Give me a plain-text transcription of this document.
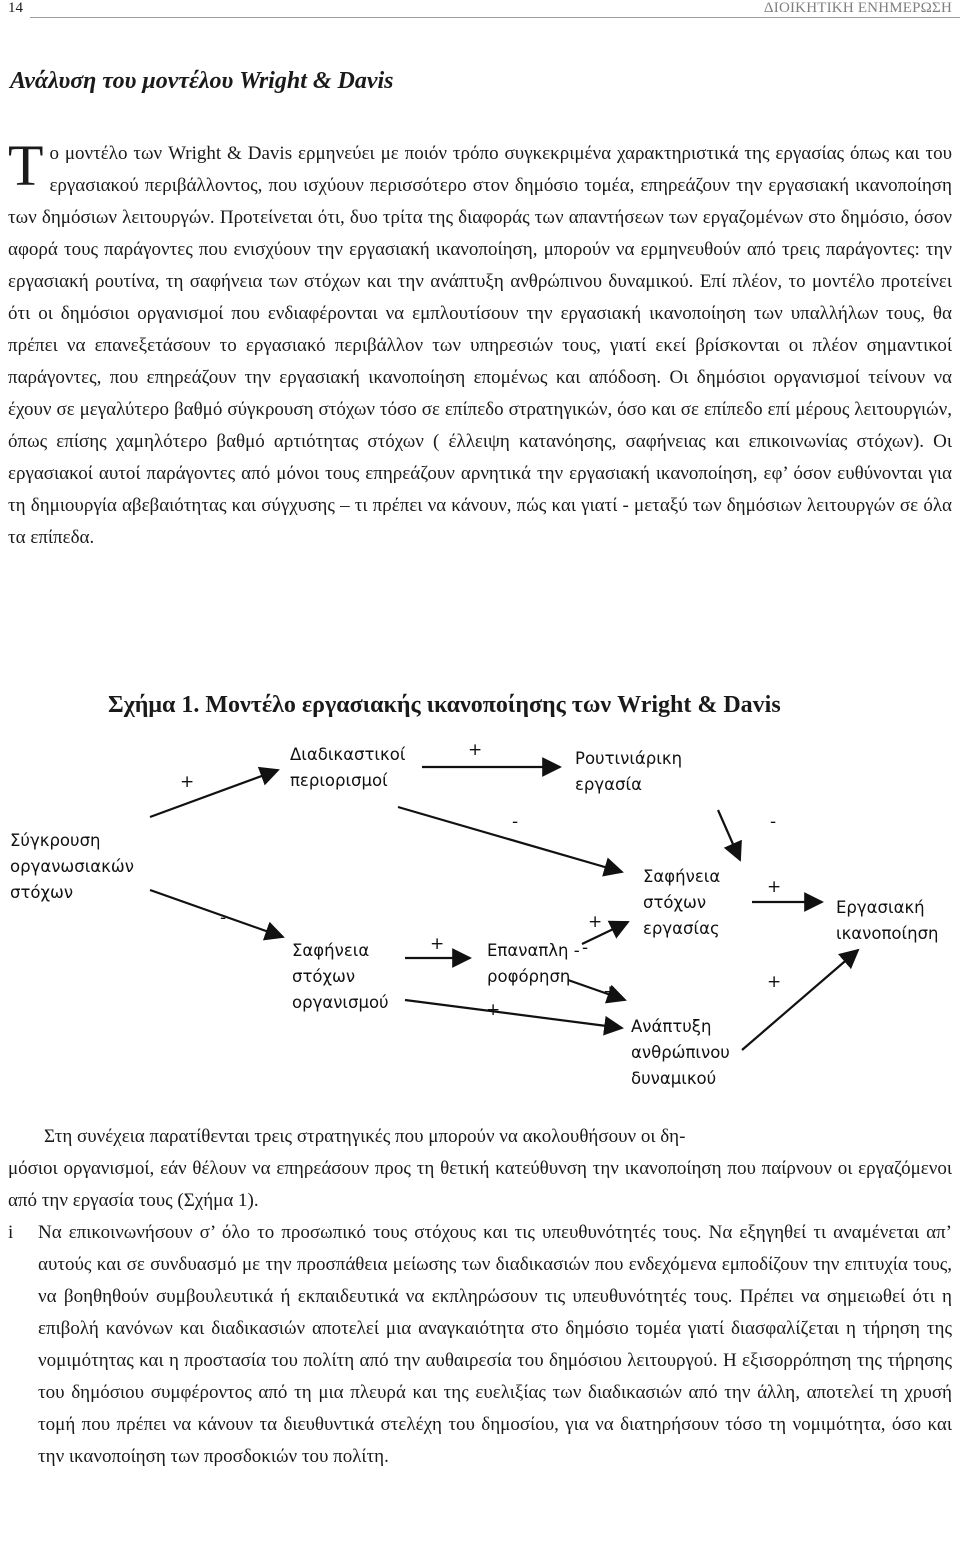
14	ΔΙΟΙΚΗΤΙΚΗ ΕΝΗΜΕΡΩΣΗ
Ανάλυση του μοντέλου Wright & Davis

Το μοντέλο των Wright & Davis ερμηνεύει με ποιόν τρόπο συγκεκριμένα χαρακτηριστικά της εργασίας όπως και του εργασιακού περιβάλλοντος, που ισχύουν περισσότερο στον δημόσιο τομέα, επηρεάζουν την εργασιακή ικανοποίηση των δημόσιων λειτουργών. Προτείνεται ότι, δυο τρίτα της διαφοράς των απαντήσεων των εργαζομένων στο δημόσιο, όσον αφορά τους παράγοντες που ενισχύουν την εργασιακή ικανοποίηση, μπορούν να ερμηνευθούν από τρεις παράγοντες: την εργασιακή ρουτίνα, τη σαφήνεια των στόχων και την ανάπτυξη ανθρώπινου δυναμικού. Επί πλέον, το μοντέλο προτείνει ότι οι δημόσιοι οργανισμοί που ενδιαφέρονται να εμπλουτίσουν την εργασιακή ικανοποίηση των υπαλλήλων τους, θα πρέπει να επανεξετάσουν το εργασιακό περιβάλλον των υπηρεσιών τους, γιατί εκεί βρίσκονται οι πλέον σημαντικοί παράγοντες, που επηρεάζουν την εργασιακή ικανοποίηση επομένως και απόδοση. Οι δημόσιοι οργανισμοί τείνουν να έχουν σε μεγαλύτερο βαθμό σύγκρουση στόχων τόσο σε επίπεδο στρατηγικών, όσο και σε επίπεδο επί μέρους λειτουργιών, όπως επίσης χαμηλότερο βαθμό αρτιότητας στόχων ( έλλειψη κατανόησης, σαφήνειας και επικοινωνίας στόχων). Οι εργασιακοί αυτοί παράγοντες από μόνοι τους επηρεάζουν αρνητικά την εργασιακή ικανοποίηση, εφ’ όσον ευθύνονται για τη δημιουργία αβεβαιότητας και σύγχυσης – τι πρέπει να κάνουν, πώς και γιατί - μεταξύ των δημόσιων λειτουργών σε όλα τα επίπεδα.

Σχήμα 1. Μοντέλο εργασιακής ικανοποίησης των Wright & Davis
Σύγκρουση
οργανωσιακών
στόχων
Διαδικαστικοί
περιορισμοί
Ρουτινιάρικη
εργασία
Σαφήνεια
στόχων
εργασίας
Εργασιακή
ικανοποίηση
Σαφήνεια
στόχων
οργανισμού
Επαναπλη -
ροφόρηση
Ανάπτυξη
ανθρώπινου
δυναμικού
+
+
-	-
-
+
+
-
+
+
+
+
Στη συνέχεια παρατίθενται τρεις στρατηγικές που μπορούν να ακολουθήσουν οι δη-
μόσιοι οργανισμοί, εάν θέλουν να επηρεάσουν προς τη θετική κατεύθυνση την ικανοποίηση που παίρνουν οι εργαζόμενοι από την εργασία τους (Σχήμα 1).
i Να επικοινωνήσουν σ’ όλο το προσωπικό τους στόχους και τις υπευθυνότητές τους. Να εξηγηθεί τι αναμένεται απ’ αυτούς και σε συνδυασμό με την προσπάθεια μείωσης των διαδικασιών που ενδεχόμενα εμποδίζουν την επιτυχία τους, να βοηθηθούν συμβουλευτικά ή εκπαιδευτικά να εκπληρώσουν τις υπευθυνότητές τους. Πρέπει να σημειωθεί ότι η επιβολή κανόνων και διαδικασιών αποτελεί μια αναγκαιότητα στο δημόσιο τομέα γιατί διασφαλίζεται η τήρηση της νομιμότητας και η προστασία του πολίτη από την αυθαιρεσία του δημόσιου λειτουργού. Η εξισορρόπηση της τήρησης του δημόσιου συμφέροντος από τη μια πλευρά και της ευελιξίας των διαδικασιών από την άλλη, αποτελεί τη χρυσή τομή που πρέπει να κάνουν τα διευθυντικά στελέχη του δημοσίου, για να διατηρήσουν τόσο τη νομιμότητα, όσο και την ικανοποίηση των προσδοκιών του πολίτη.
